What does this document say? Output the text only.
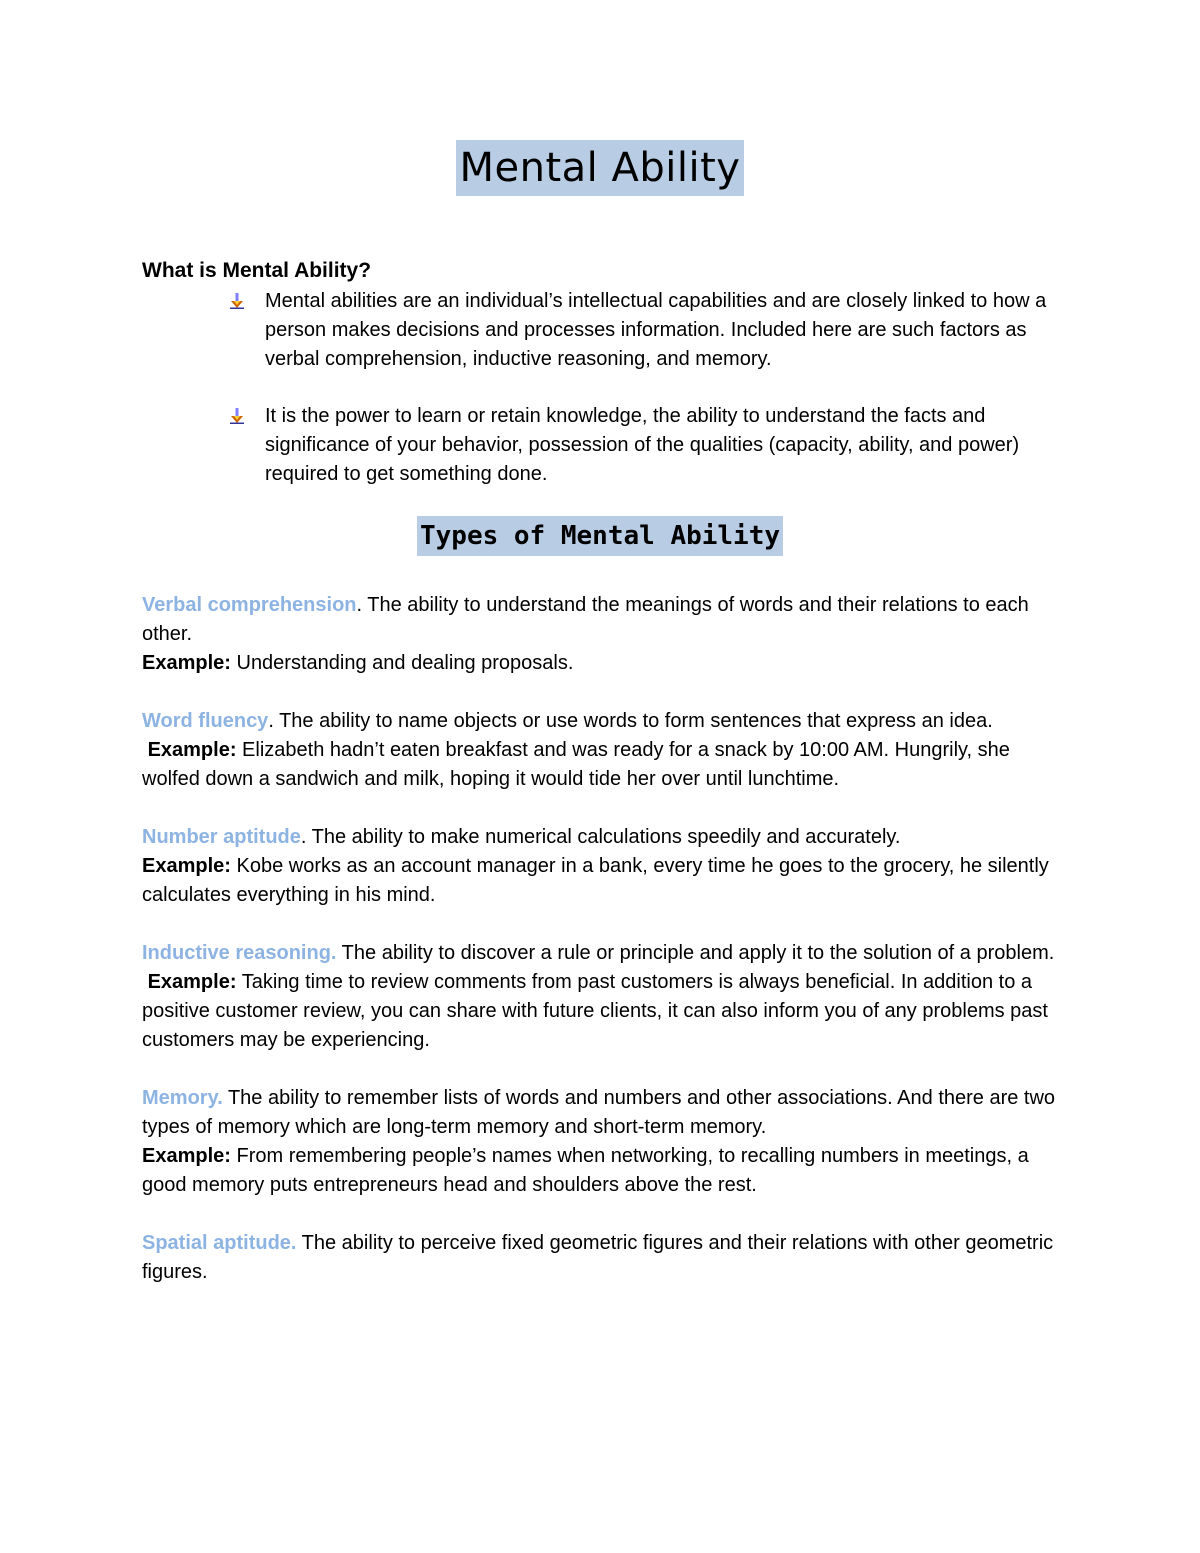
Mental Ability
What is Mental Ability?
Mental abilities are an individual’s intellectual capabilities and are closely linked to how a person makes decisions and processes information. Included here are such factors as verbal comprehension, inductive reasoning, and memory.
It is the power to learn or retain knowledge, the ability to understand the facts and significance of your behavior, possession of the qualities (capacity, ability, and power) required to get something done.
Types of Mental Ability
Verbal comprehension. The ability to understand the meanings of words and their relations to each other.
Example: Understanding and dealing proposals.
Word fluency. The ability to name objects or use words to form sentences that express an idea.
Example: Elizabeth hadn’t eaten breakfast and was ready for a snack by 10:00 AM. Hungrily, she wolfed down a sandwich and milk, hoping it would tide her over until lunchtime.
Number aptitude. The ability to make numerical calculations speedily and accurately.
Example: Kobe works as an account manager in a bank, every time he goes to the grocery, he silently calculates everything in his mind.
Inductive reasoning. The ability to discover a rule or principle and apply it to the solution of a problem.
Example: Taking time to review comments from past customers is always beneficial. In addition to a positive customer review, you can share with future clients, it can also inform you of any problems past customers may be experiencing.
Memory. The ability to remember lists of words and numbers and other associations. And there are two types of memory which are long-term memory and short-term memory.
Example: From remembering people’s names when networking, to recalling numbers in meetings, a good memory puts entrepreneurs head and shoulders above the rest.
Spatial aptitude. The ability to perceive fixed geometric figures and their relations with other geometric figures.
